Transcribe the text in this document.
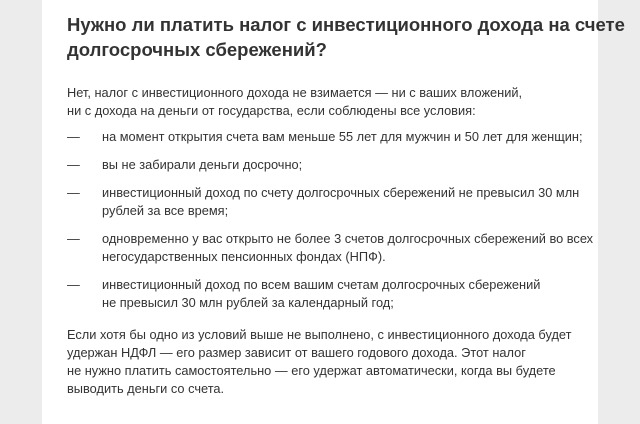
Нужно ли платить налог с инвестиционного дохода на счете
долгосрочных сбережений?

Нет, налог с инвестиционного дохода не взимается — ни с ваших вложений,
ни с дохода на деньги от государства, если соблюдены все условия:

— на момент открытия счета вам меньше 55 лет для мужчин и 50 лет для женщин;
— вы не забирали деньги досрочно;
— инвестиционный доход по счету долгосрочных сбережений не превысил 30 млн
рублей за все время;
— одновременно у вас открыто не более 3 счетов долгосрочных сбережений во всех
негосударственных пенсионных фондах (НПФ).
— инвестиционный доход по всем вашим счетам долгосрочных сбережений
не превысил 30 млн рублей за календарный год;

Если хотя бы одно из условий выше не выполнено, с инвестиционного дохода будет
удержан НДФЛ — его размер зависит от вашего годового дохода. Этот налог
не нужно платить самостоятельно — его удержат автоматически, когда вы будете
выводить деньги со счета.
